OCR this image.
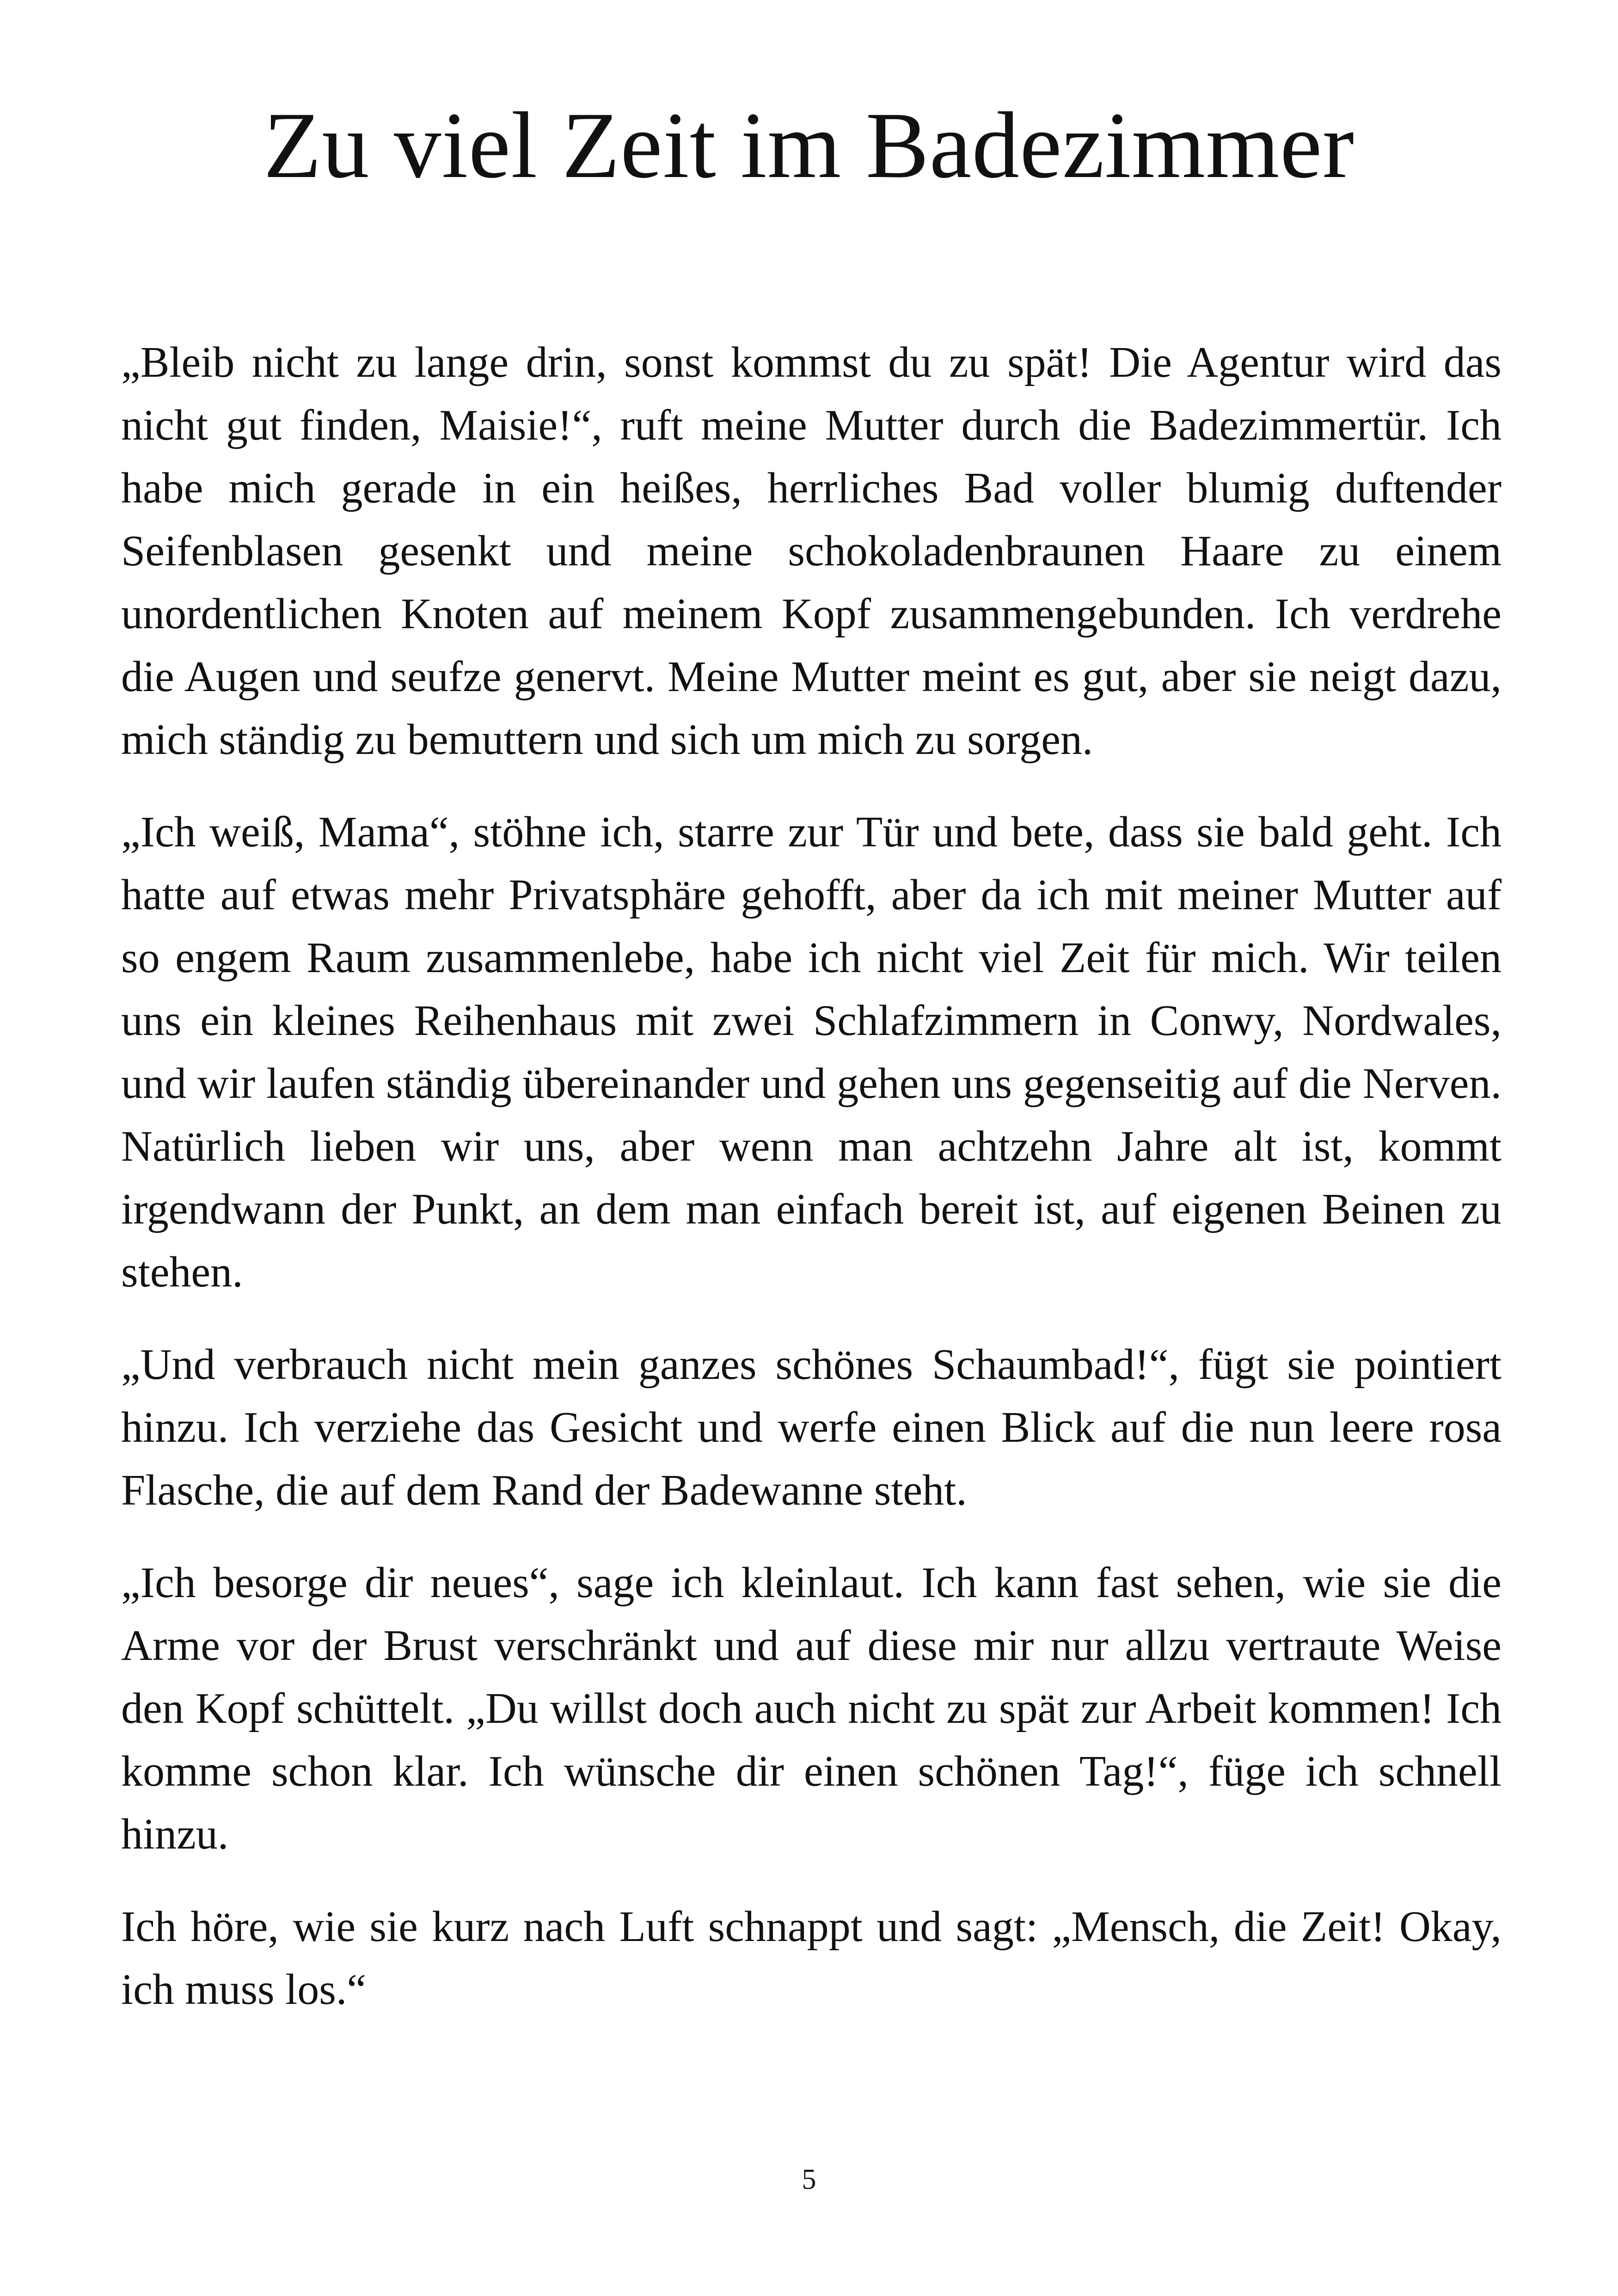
Zu viel Zeit im Badezimmer

„Bleib nicht zu lange drin, sonst kommst du zu spät! Die Agentur wird das nicht gut finden, Maisie!“, ruft meine Mutter durch die Badezimmertür. Ich habe mich gerade in ein heißes, herrliches Bad voller blumig duftender Seifenblasen gesenkt und meine schokoladenbraunen Haare zu einem unordentlichen Knoten auf meinem Kopf zusammengebunden. Ich verdrehe die Augen und seufze genervt. Meine Mutter meint es gut, aber sie neigt dazu, mich ständig zu bemuttern und sich um mich zu sorgen.

„Ich weiß, Mama“, stöhne ich, starre zur Tür und bete, dass sie bald geht. Ich hatte auf etwas mehr Privatsphäre gehofft, aber da ich mit meiner Mutter auf so engem Raum zusammenlebe, habe ich nicht viel Zeit für mich. Wir teilen uns ein kleines Reihenhaus mit zwei Schlafzimmern in Conwy, Nordwales, und wir laufen ständig übereinander und gehen uns gegenseitig auf die Nerven. Natürlich lieben wir uns, aber wenn man achtzehn Jahre alt ist, kommt irgendwann der Punkt, an dem man einfach bereit ist, auf eigenen Beinen zu stehen.

„Und verbrauch nicht mein ganzes schönes Schaumbad!“, fügt sie pointiert hinzu. Ich verziehe das Gesicht und werfe einen Blick auf die nun leere rosa Flasche, die auf dem Rand der Badewanne steht.

„Ich besorge dir neues“, sage ich kleinlaut. Ich kann fast sehen, wie sie die Arme vor der Brust verschränkt und auf diese mir nur allzu vertraute Weise den Kopf schüttelt. „Du willst doch auch nicht zu spät zur Arbeit kommen! Ich komme schon klar. Ich wünsche dir einen schönen Tag!“, füge ich schnell hinzu.

Ich höre, wie sie kurz nach Luft schnappt und sagt: „Mensch, die Zeit! Okay, ich muss los.“

5
